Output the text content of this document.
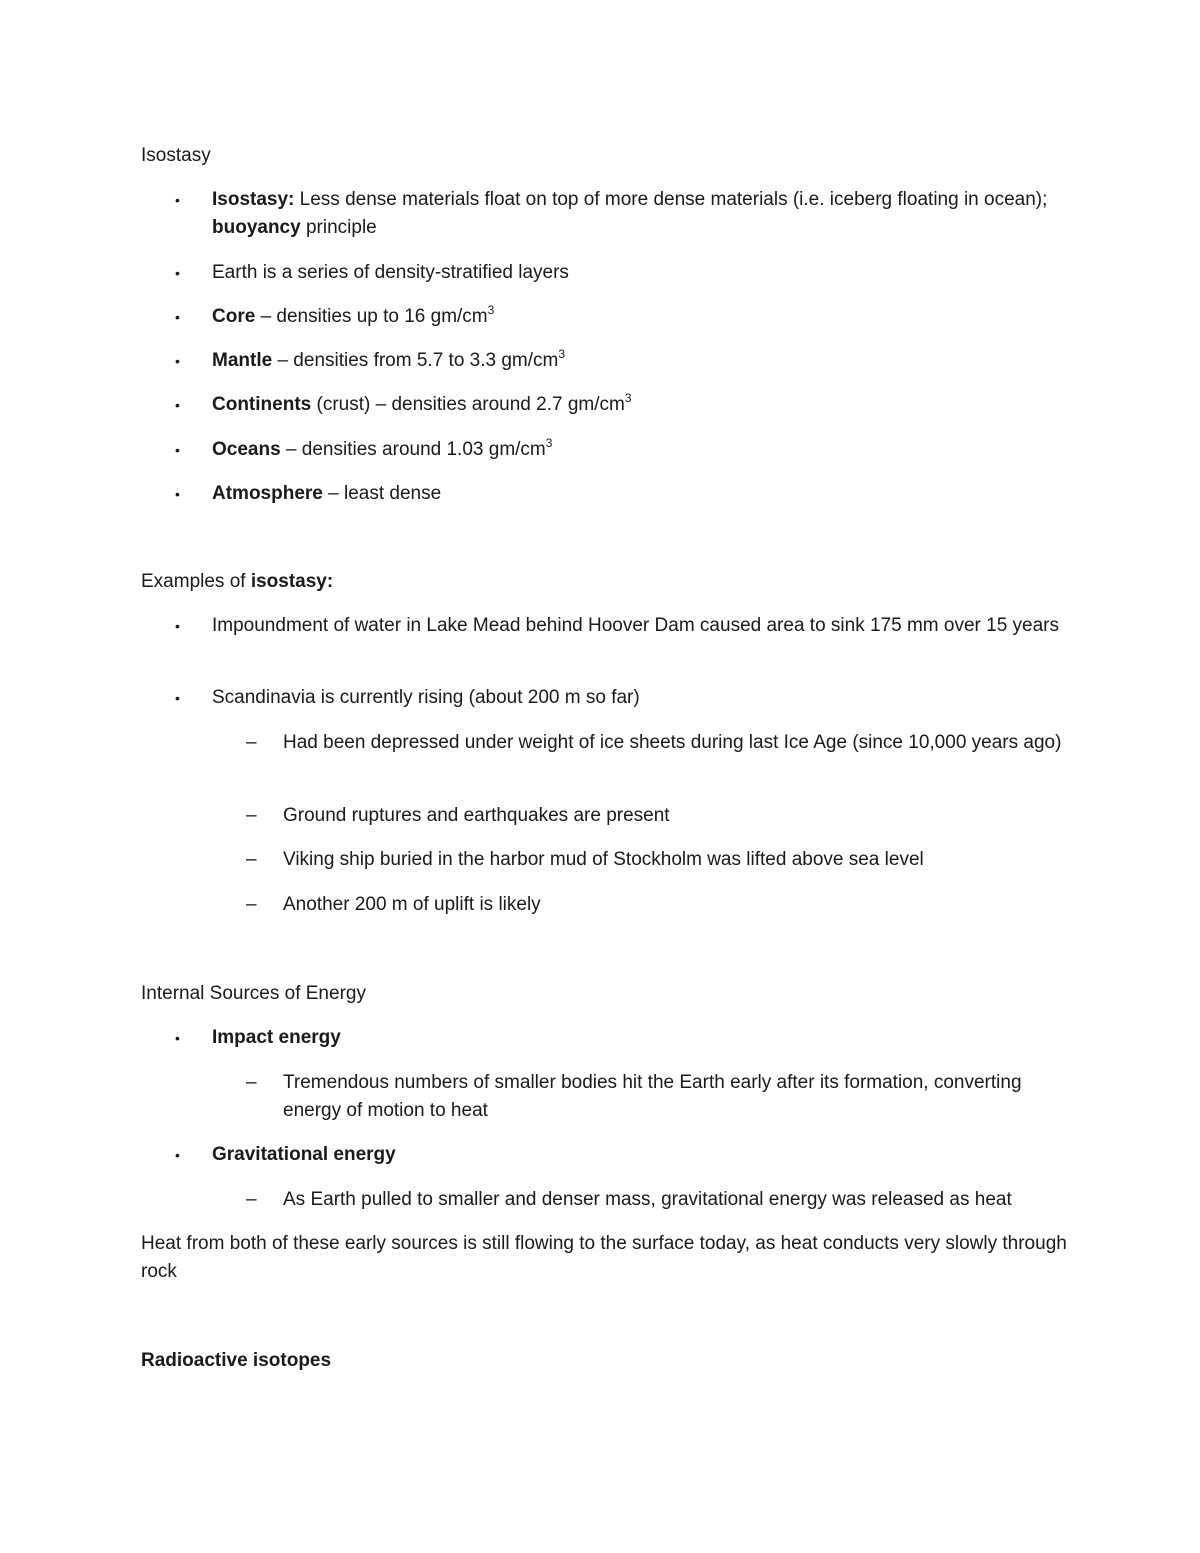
Isostasy
• Isostasy: Less dense materials float on top of more dense materials (i.e. iceberg floating in ocean); buoyancy principle
• Earth is a series of density-stratified layers
• Core – densities up to 16 $gm/cm^3$
• Mantle – densities from 5.7 to 3.3 $gm/cm^3$
• Continents (crust) – densities around 2.7 $gm/cm^3$
• Oceans – densities around 1.03 $gm/cm^3$
• Atmosphere – least dense
Examples of isostasy:
• Impoundment of water in Lake Mead behind Hoover Dam caused area to sink 175 mm over 15 years
• Scandinavia is currently rising (about 200 m so far)
– Had been depressed under weight of ice sheets during last Ice Age (since 10,000 years ago)
– Ground ruptures and earthquakes are present
– Viking ship buried in the harbor mud of Stockholm was lifted above sea level
– Another 200 m of uplift is likely
Internal Sources of Energy
• Impact energy
– Tremendous numbers of smaller bodies hit the Earth early after its formation, converting energy of motion to heat
• Gravitational energy
– As Earth pulled to smaller and denser mass, gravitational energy was released as heat
Heat from both of these early sources is still flowing to the surface today, as heat conducts very slowly through rock
Radioactive isotopes
